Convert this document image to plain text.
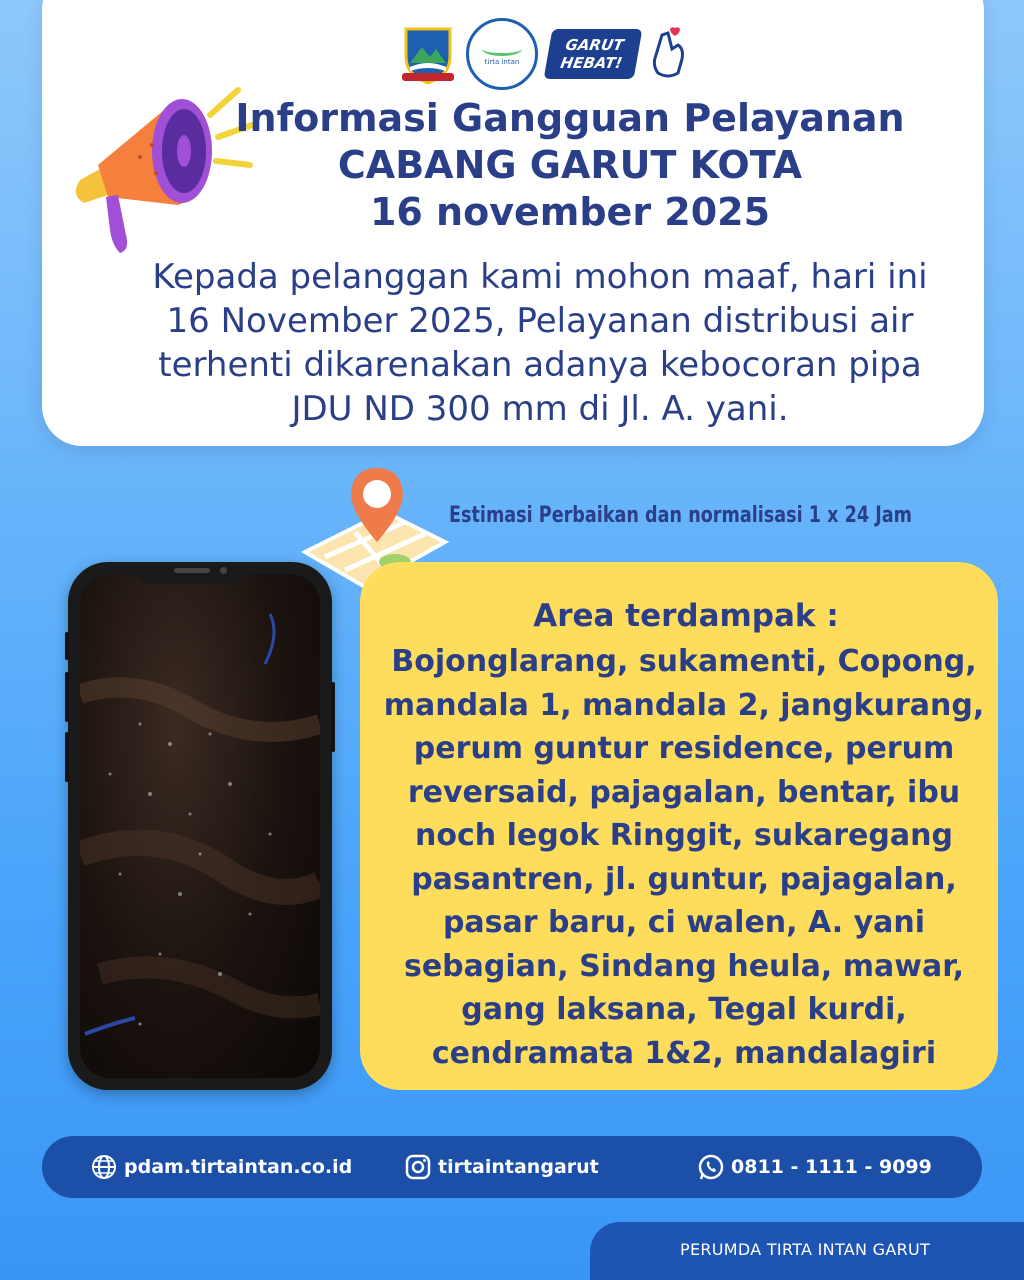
tirta intan
GARUT
HEBAT!
Informasi Gangguan Pelayanan
CABANG GARUT KOTA
16 november 2025
Kepada pelanggan kami mohon maaf, hari ini
16 November 2025, Pelayanan distribusi air
terhenti dikarenakan adanya kebocoran pipa
JDU ND 300 mm di Jl. A. yani.
Estimasi Perbaikan dan normalisasi 1 x 24 Jam
Area terdampak :
Bojonglarang, sukamenti, Copong,
mandala 1, mandala 2, jangkurang,
perum guntur residence, perum
reversaid, pajagalan, bentar, ibu
noch legok Ringgit, sukaregang
pasantren, jl. guntur, pajagalan,
pasar baru, ci walen, A. yani
sebagian, Sindang heula, mawar,
gang laksana, Tegal kurdi,
cendramata 1&2, mandalagiri
pdam.tirtaintan.co.id	tirtaintangarut	0811 - 1111 - 9099
PERUMDA TIRTA INTAN GARUT
